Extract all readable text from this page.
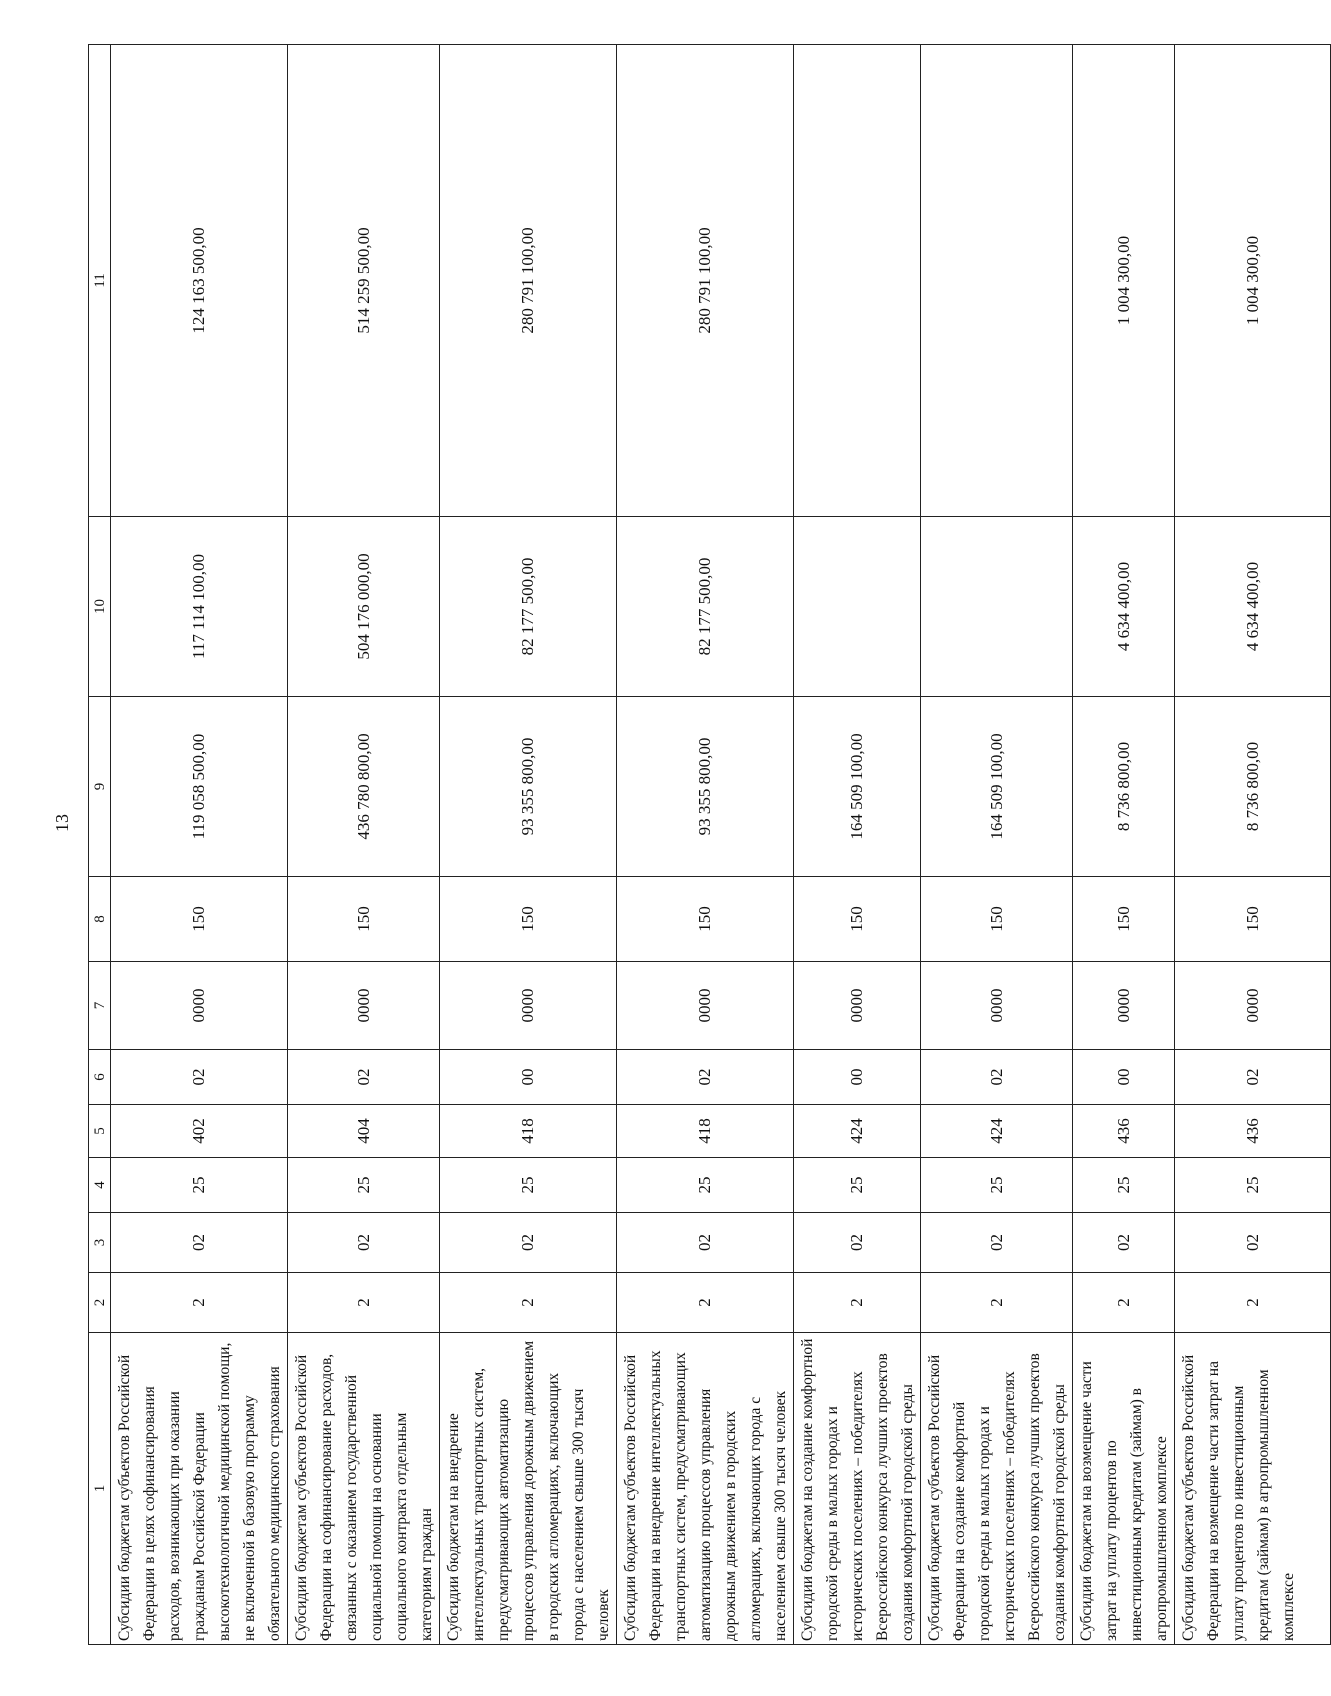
13
1	2	3	4	5	6	7	8	9	10	11
Субсидии бюджетам субъектов Российской Федерации в целях софинансирования расходов, возникающих при оказании гражданам Российской Федерации высокотехнологичной медицинской помощи, не включенной в базовую программу обязательного медицинского страхования	2	02	25	402	02	0000	150	119 058 500,00	117 114 100,00	124 163 500,00
Субсидии бюджетам субъектов Российской Федерации на софинансирование расходов, связанных с оказанием государственной социальной помощи на основании социального контракта отдельным категориям граждан	2	02	25	404	02	0000	150	436 780 800,00	504 176 000,00	514 259 500,00
Субсидии бюджетам на внедрение интеллектуальных транспортных систем, предусматривающих автоматизацию процессов управления дорожным движением в городских агломерациях, включающих города с населением свыше 300 тысяч человек	2	02	25	418	00	0000	150	93 355 800,00	82 177 500,00	280 791 100,00
Субсидии бюджетам субъектов Российской Федерации на внедрение интеллектуальных транспортных систем, предусматривающих автоматизацию процессов управления дорожным движением в городских агломерациях, включающих города с населением свыше 300 тысяч человек	2	02	25	418	02	0000	150	93 355 800,00	82 177 500,00	280 791 100,00
Субсидии бюджетам на создание комфортной городской среды в малых городах и исторических поселениях – победителях Всероссийского конкурса лучших проектов создания комфортной городской среды	2	02	25	424	00	0000	150	164 509 100,00		
Субсидии бюджетам субъектов Российской Федерации на создание комфортной городской среды в малых городах и исторических поселениях – победителях Всероссийского конкурса лучших проектов создания комфортной городской среды	2	02	25	424	02	0000	150	164 509 100,00		
Субсидии бюджетам на возмещение части затрат на уплату процентов по инвестиционным кредитам (займам) в агропромышленном комплексе	2	02	25	436	00	0000	150	8 736 800,00	4 634 400,00	1 004 300,00
Субсидии бюджетам субъектов Российской Федерации на возмещение части затрат на уплату процентов по инвестиционным кредитам (займам) в агропромышленном комплексе	2	02	25	436	02	0000	150	8 736 800,00	4 634 400,00	1 004 300,00
